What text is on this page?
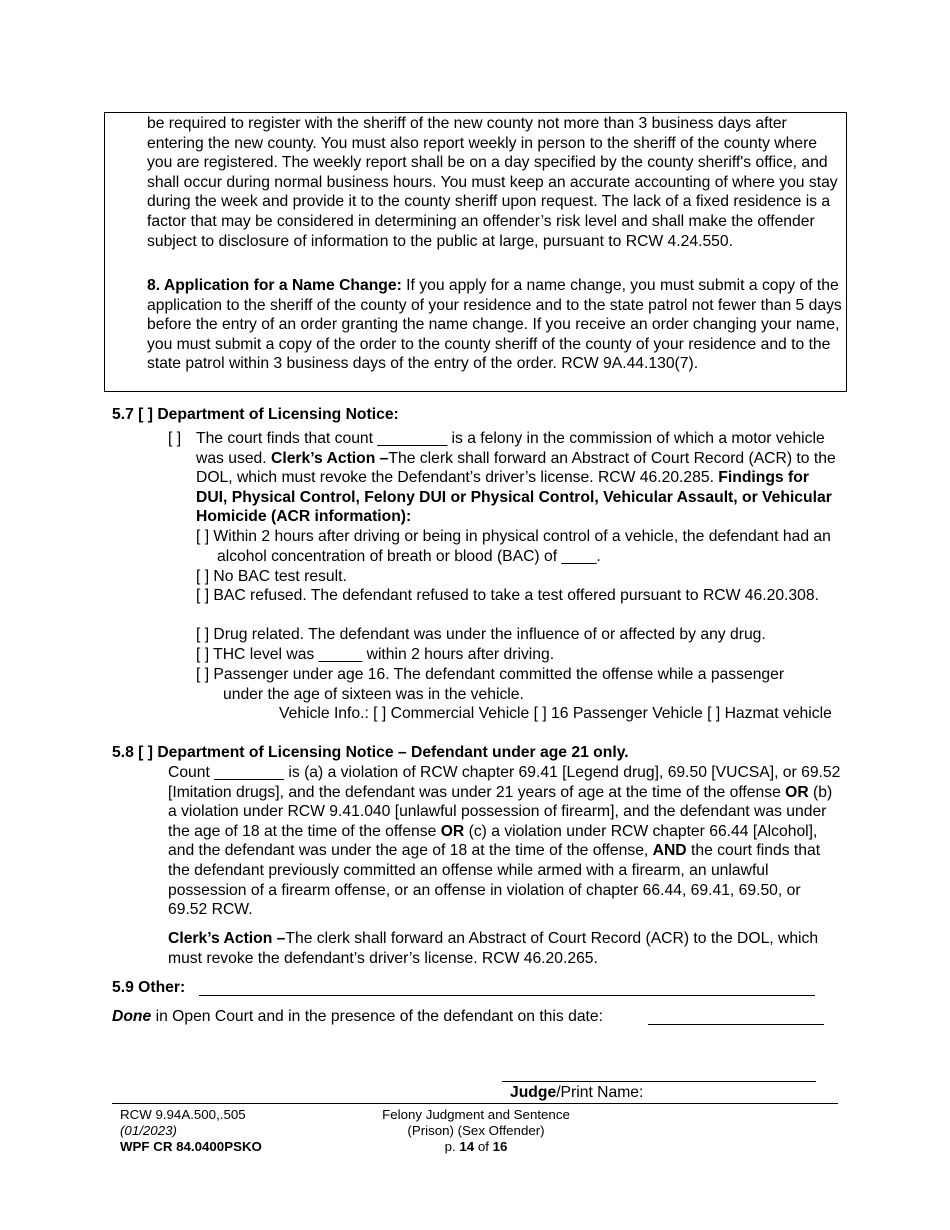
be required to register with the sheriff of the new county not more than 3 business days after entering the new county. You must also report weekly in person to the sheriff of the county where you are registered. The weekly report shall be on a day specified by the county sheriff's office, and shall occur during normal business hours. You must keep an accurate accounting of where you stay during the week and provide it to the county sheriff upon request. The lack of a fixed residence is a factor that may be considered in determining an offender’s risk level and shall make the offender subject to disclosure of information to the public at large, pursuant to RCW 4.24.550.

8. Application for a Name Change: If you apply for a name change, you must submit a copy of the application to the sheriff of the county of your residence and to the state patrol not fewer than 5 days before the entry of an order granting the name change. If you receive an order changing your name, you must submit a copy of the order to the county sheriff of the county of your residence and to the state patrol within 3 business days of the entry of the order. RCW 9A.44.130(7).

5.7 [ ] Department of Licensing Notice:
[ ] The court finds that count ________ is a felony in the commission of which a motor vehicle was used. Clerk’s Action –The clerk shall forward an Abstract of Court Record (ACR) to the DOL, which must revoke the Defendant’s driver’s license. RCW 46.20.285. Findings for DUI, Physical Control, Felony DUI or Physical Control, Vehicular Assault, or Vehicular Homicide (ACR information):

[ ] Within 2 hours after driving or being in physical control of a vehicle, the defendant had an alcohol concentration of breath or blood (BAC) of ____.

[ ] No BAC test result.

[ ] BAC refused. The defendant refused to take a test offered pursuant to RCW 46.20.308.

[ ] Drug related. The defendant was under the influence of or affected by any drug.
[ ] THC level was _____ within 2 hours after driving.

[ ] Passenger under age 16. The defendant committed the offense while a passenger under the age of sixteen was in the vehicle.

Vehicle Info.: [ ] Commercial Vehicle [ ] 16 Passenger Vehicle [ ] Hazmat vehicle

5.8 [ ] Department of Licensing Notice – Defendant under age 21 only.

Count ________ is (a) a violation of RCW chapter 69.41 [Legend drug], 69.50 [VUCSA], or 69.52 [Imitation drugs], and the defendant was under 21 years of age at the time of the offense OR (b) a violation under RCW 9.41.040 [unlawful possession of firearm], and the defendant was under the age of 18 at the time of the offense OR (c) a violation under RCW chapter 66.44 [Alcohol], and the defendant was under the age of 18 at the time of the offense, AND the court finds that the defendant previously committed an offense while armed with a firearm, an unlawful possession of a firearm offense, or an offense in violation of chapter 66.44, 69.41, 69.50, or 69.52 RCW.

Clerk’s Action –The clerk shall forward an Abstract of Court Record (ACR) to the DOL, which must revoke the defendant’s driver’s license. RCW 46.20.265.

5.9 Other:
Done in Open Court and in the presence of the defendant on this date:
Judge/Print Name:
RCW 9.94A.500,.505
(01/2023)
WPF CR 84.0400PSKO
Felony Judgment and Sentence
(Prison) (Sex Offender)
p. 14 of 16
